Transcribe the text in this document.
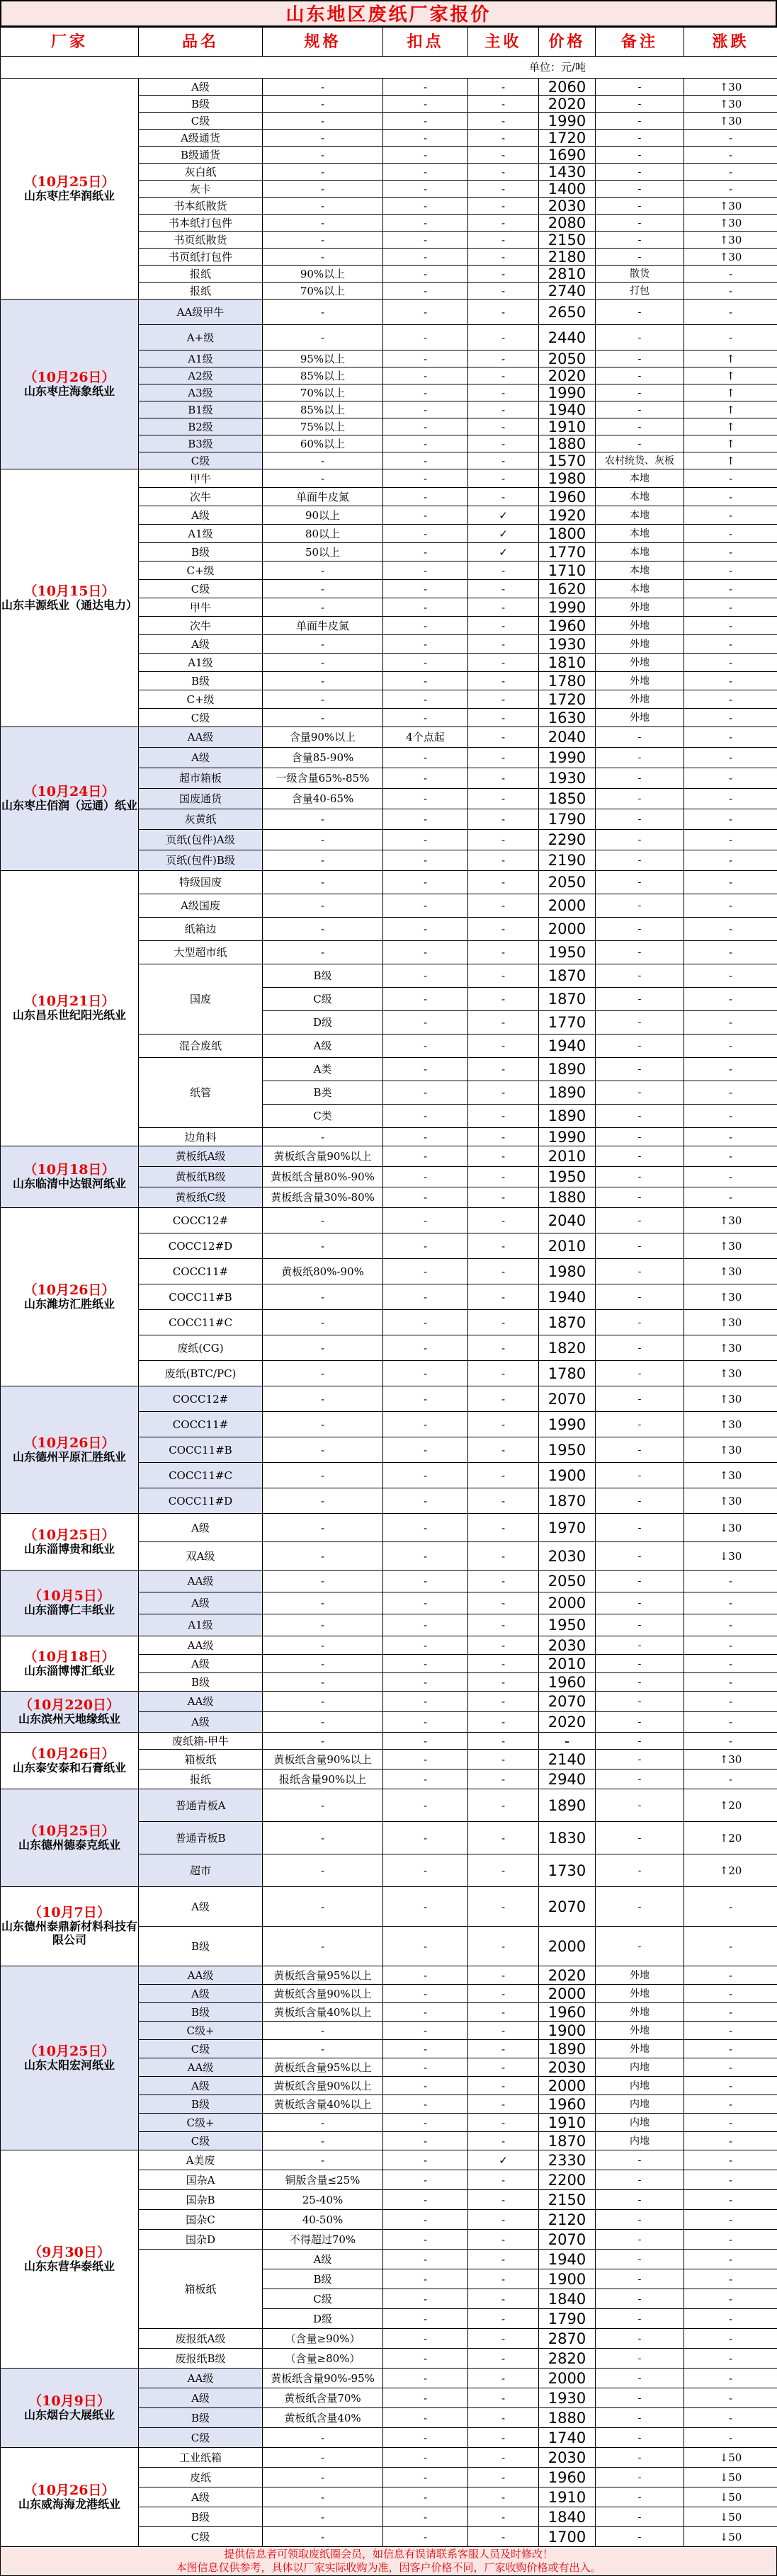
山东地区废纸厂家报价
厂家	品名	规格	扣点	主收	价格	备注	涨跌
单位：元/吨							

（10月25日）
山东枣庄华润纸业	A级	-	-	-	2060	-	↑30
	B级	-	-	-	2020	-	↑30
	C级	-	-	-	1990	-	↑30
	A级通货	-	-	-	1720	-	-
	B级通货	-	-	-	1690	-	-
	灰白纸	-	-	-	1430	-	-
	灰卡	-	-	-	1400	-	-
	书本纸散货	-	-	-	2030	-	↑30
	书本纸打包件	-	-	-	2080	-	↑30
	书页纸散货	-	-	-	2150	-	↑30
	书页纸打包件	-	-	-	2180	-	↑30
	报纸	90%以上	-	-	2810	散货	-
	报纸	70%以上	-	-	2740	打包	-

（10月26日）
山东枣庄海象纸业	AA级甲牛	-	-	-	2650	-	-
	A+级	-	-	-	2440	-	-
	A1级	95%以上	-	-	2050	-	↑
	A2级	85%以上	-	-	2020	-	↑
	A3级	70%以上	-	-	1990	-	↑
	B1级	85%以上	-	-	1940	-	↑
	B2级	75%以上	-	-	1910	-	↑
	B3级	60%以上	-	-	1880	-	↑
	C级	-	-	-	1570	农村统货、灰板	↑

（10月15日）
山东丰源纸业（通达电力）	甲牛	-	-	-	1980	本地	-
	次牛	单面牛皮氮	-	-	1960	本地	-
	A级	90以上	-	✓	1920	本地	-
	A1级	80以上	-	✓	1800	本地	-
	B级	50以上	-	✓	1770	本地	-
	C+级	-	-	-	1710	本地	-
	C级	-	-	-	1620	本地	-
	甲牛	-	-	-	1990	外地	-
	次牛	单面牛皮氮	-	-	1960	外地	-
	A级	-	-	-	1930	外地	-
	A1级	-	-	-	1810	外地	-
	B级	-	-	-	1780	外地	-
	C+级	-	-	-	1720	外地	-
	C级	-	-	-	1630	外地	-

（10月24日）
山东枣庄佰润（远通）纸业	AA级	含量90%以上	4个点起	-	2040	-	-
	A级	含量85-90%	-	-	1990	-	-
	超市箱板	一级含量65%-85%	-	-	1930	-	-
	国废通货	含量40-65%	-	-	1850	-	-
	灰黄纸	-	-	-	1790	-	-
	页纸(包件)A级	-	-	-	2290	-	-
	页纸(包件)B级	-	-	-	2190	-	-

（10月21日）
山东昌乐世纪阳光纸业	特级国废	-	-	-	2050	-	-
	A级国废	-	-	-	2000	-	-
	纸箱边	-	-	-	2000	-	-
	大型超市纸	-	-	-	1950	-	-
	国废	B级	-	-	1870	-	-
		C级	-	-	1870	-	-
		D级	-	-	1770	-	-
	混合废纸	A级	-	-	1940	-	-
	纸管	A类	-	-	1890	-	-
		B类	-	-	1890	-	-
		C类	-	-	1890	-	-
	边角料	-	-	-	1990	-	-

（10月18日）
山东临清中达银河纸业	黄板纸A级	黄板纸含量90%以上	-	-	2010	-	-
	黄板纸B级	黄板纸含量80%-90%	-	-	1950	-	-
	黄板纸C级	黄板纸含量30%-80%	-	-	1880	-	-

（10月26日）
山东潍坊汇胜纸业	COCC12#	-	-	-	2040	-	↑30
	COCC12#D	-	-	-	2010	-	↑30
	COCC11#	黄板纸80%-90%	-	-	1980	-	↑30
	COCC11#B	-	-	-	1940	-	↑30
	COCC11#C	-	-	-	1870	-	↑30
	废纸(CG)	-	-	-	1820	-	↑30
	废纸(BTC/PC)	-	-	-	1780	-	↑30

（10月26日）
山东德州平原汇胜纸业	COCC12#	-	-	-	2070	-	↑30
	COCC11#	-	-	-	1990	-	↑30
	COCC11#B	-	-	-	1950	-	↑30
	COCC11#C	-	-	-	1900	-	↑30
	COCC11#D	-	-	-	1870	-	↑30

（10月25日）
山东淄博贵和纸业	A级	-	-	-	1970	-	↓30
	双A级	-	-	-	2030	-	↓30

（10月5日）
山东淄博仁丰纸业	AA级	-	-	-	2050	-	-
	A级	-	-	-	2000	-	-
	A1级	-	-	-	1950	-	-

（10月18日）
山东淄博博汇纸业	AA级	-	-	-	2030	-	-
	A级	-	-	-	2010	-	-
	B级	-	-	-	1960	-	-

（10月220日）
山东滨州天地缘纸业	AA级	-	-	-	2070	-	-
	A级	-	-	-	2020	-	-

（10月26日）
山东泰安泰和石膏纸业	废纸箱-甲牛	-	-	-	-	-	-
	箱板纸	黄板纸含量90%以上	-	-	2140	-	↑30
	报纸	报纸含量90%以上	-	-	2940	-	-

（10月25日）
山东德州德泰克纸业	普通青板A	-	-	-	1890	-	↑20
	普通青板B	-	-	-	1830	-	↑20
	超市	-	-	-	1730	-	↑20

（10月7日）
山东德州泰鼎新材料科技有限公司	A级	-	-	-	2070	-	-
	B级	-	-	-	2000	-	-

（10月25日）
山东太阳宏河纸业	AA级	黄板纸含量95%以上	-	-	2020	外地	-
	A级	黄板纸含量90%以上	-	-	2000	外地	-
	B级	黄板纸含量40%以上	-	-	1960	外地	-
	C级+	-	-	-	1900	外地	-
	C级	-	-	-	1890	外地	-
	AA级	黄板纸含量95%以上	-	-	2030	内地	-
	A级	黄板纸含量90%以上	-	-	2000	内地	-
	B级	黄板纸含量40%以上	-	-	1960	内地	-
	C级+	-	-	-	1910	内地	-
	C级	-	-	-	1870	内地	-

（9月30日）
山东东营华泰纸业	A美废	-	-	✓	2330	-	-
	国杂A	铜版含量≤25%	-	-	2200	-	-
	国杂B	25-40%	-	-	2150	-	-
	国杂C	40-50%	-	-	2120	-	-
	国杂D	不得超过70%	-	-	2070	-	-
	箱板纸	A级	-	-	1940	-	-
		B级	-	-	1900	-	-
		C级	-	-	1840	-	-
		D级	-	-	1790	-	-
	废报纸A级	（含量≥90%）	-	-	2870	-	-
	废报纸B级	（含量≥80%）	-	-	2820	-	-

（10月9日）
山东烟台大展纸业	AA级	黄板纸含量90%-95%	-	-	2000	-	-
	A级	黄板纸含量70%	-	-	1930	-	-
	B级	黄板纸含量40%	-	-	1880	-	-
	C级	-	-	-	1740	-	-

（10月26日）
山东威海海龙港纸业	工业纸箱	-	-	-	2030	-	↓50
	皮纸	-	-	-	1960	-	↓50
	A级	-	-	-	1910	-	↓50
	B级	-	-	-	1840	-	↓50
	C级	-	-	-	1700	-	↓50
提供信息者可领取废纸圈会员，如信息有误请联系客服人员及时修改！
本图信息仅供参考，具体以厂家实际收购为准，因客户价格不同，厂家收购价格或有出入。
